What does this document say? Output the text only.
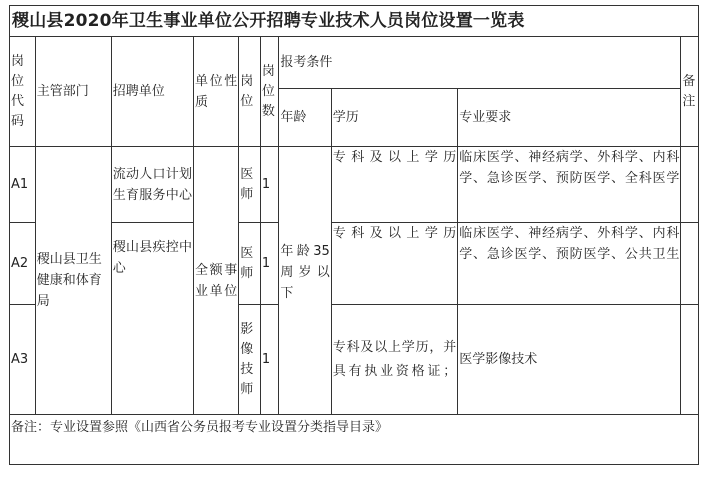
稷山县2020年卫生事业单位公开招聘专业技术人员岗位设置一览表									
岗位代码	主管部门	招聘单位	单位性质	岗位	岗位数	报考条件			备注
						年龄	学历	专业要求	
A1	稷山县卫生健康和体育局	流动人口计划生育服务中心	全额事业单位	医师	1	年龄35周岁以下	专科及以上学历	临床医学、神经病学、外科学、内科学、急诊医学、预防医学、全科医学	
A2		稷山县疾控中心		医师	1		专科及以上学历	临床医学、神经病学、外科学、内科学、急诊医学、预防医学、公共卫生	
A3				影像技师	1		专科及以上学历，并具有执业资格证；	医学影像技术	
备注：专业设置参照《山西省公务员报考专业设置分类指导目录》									
